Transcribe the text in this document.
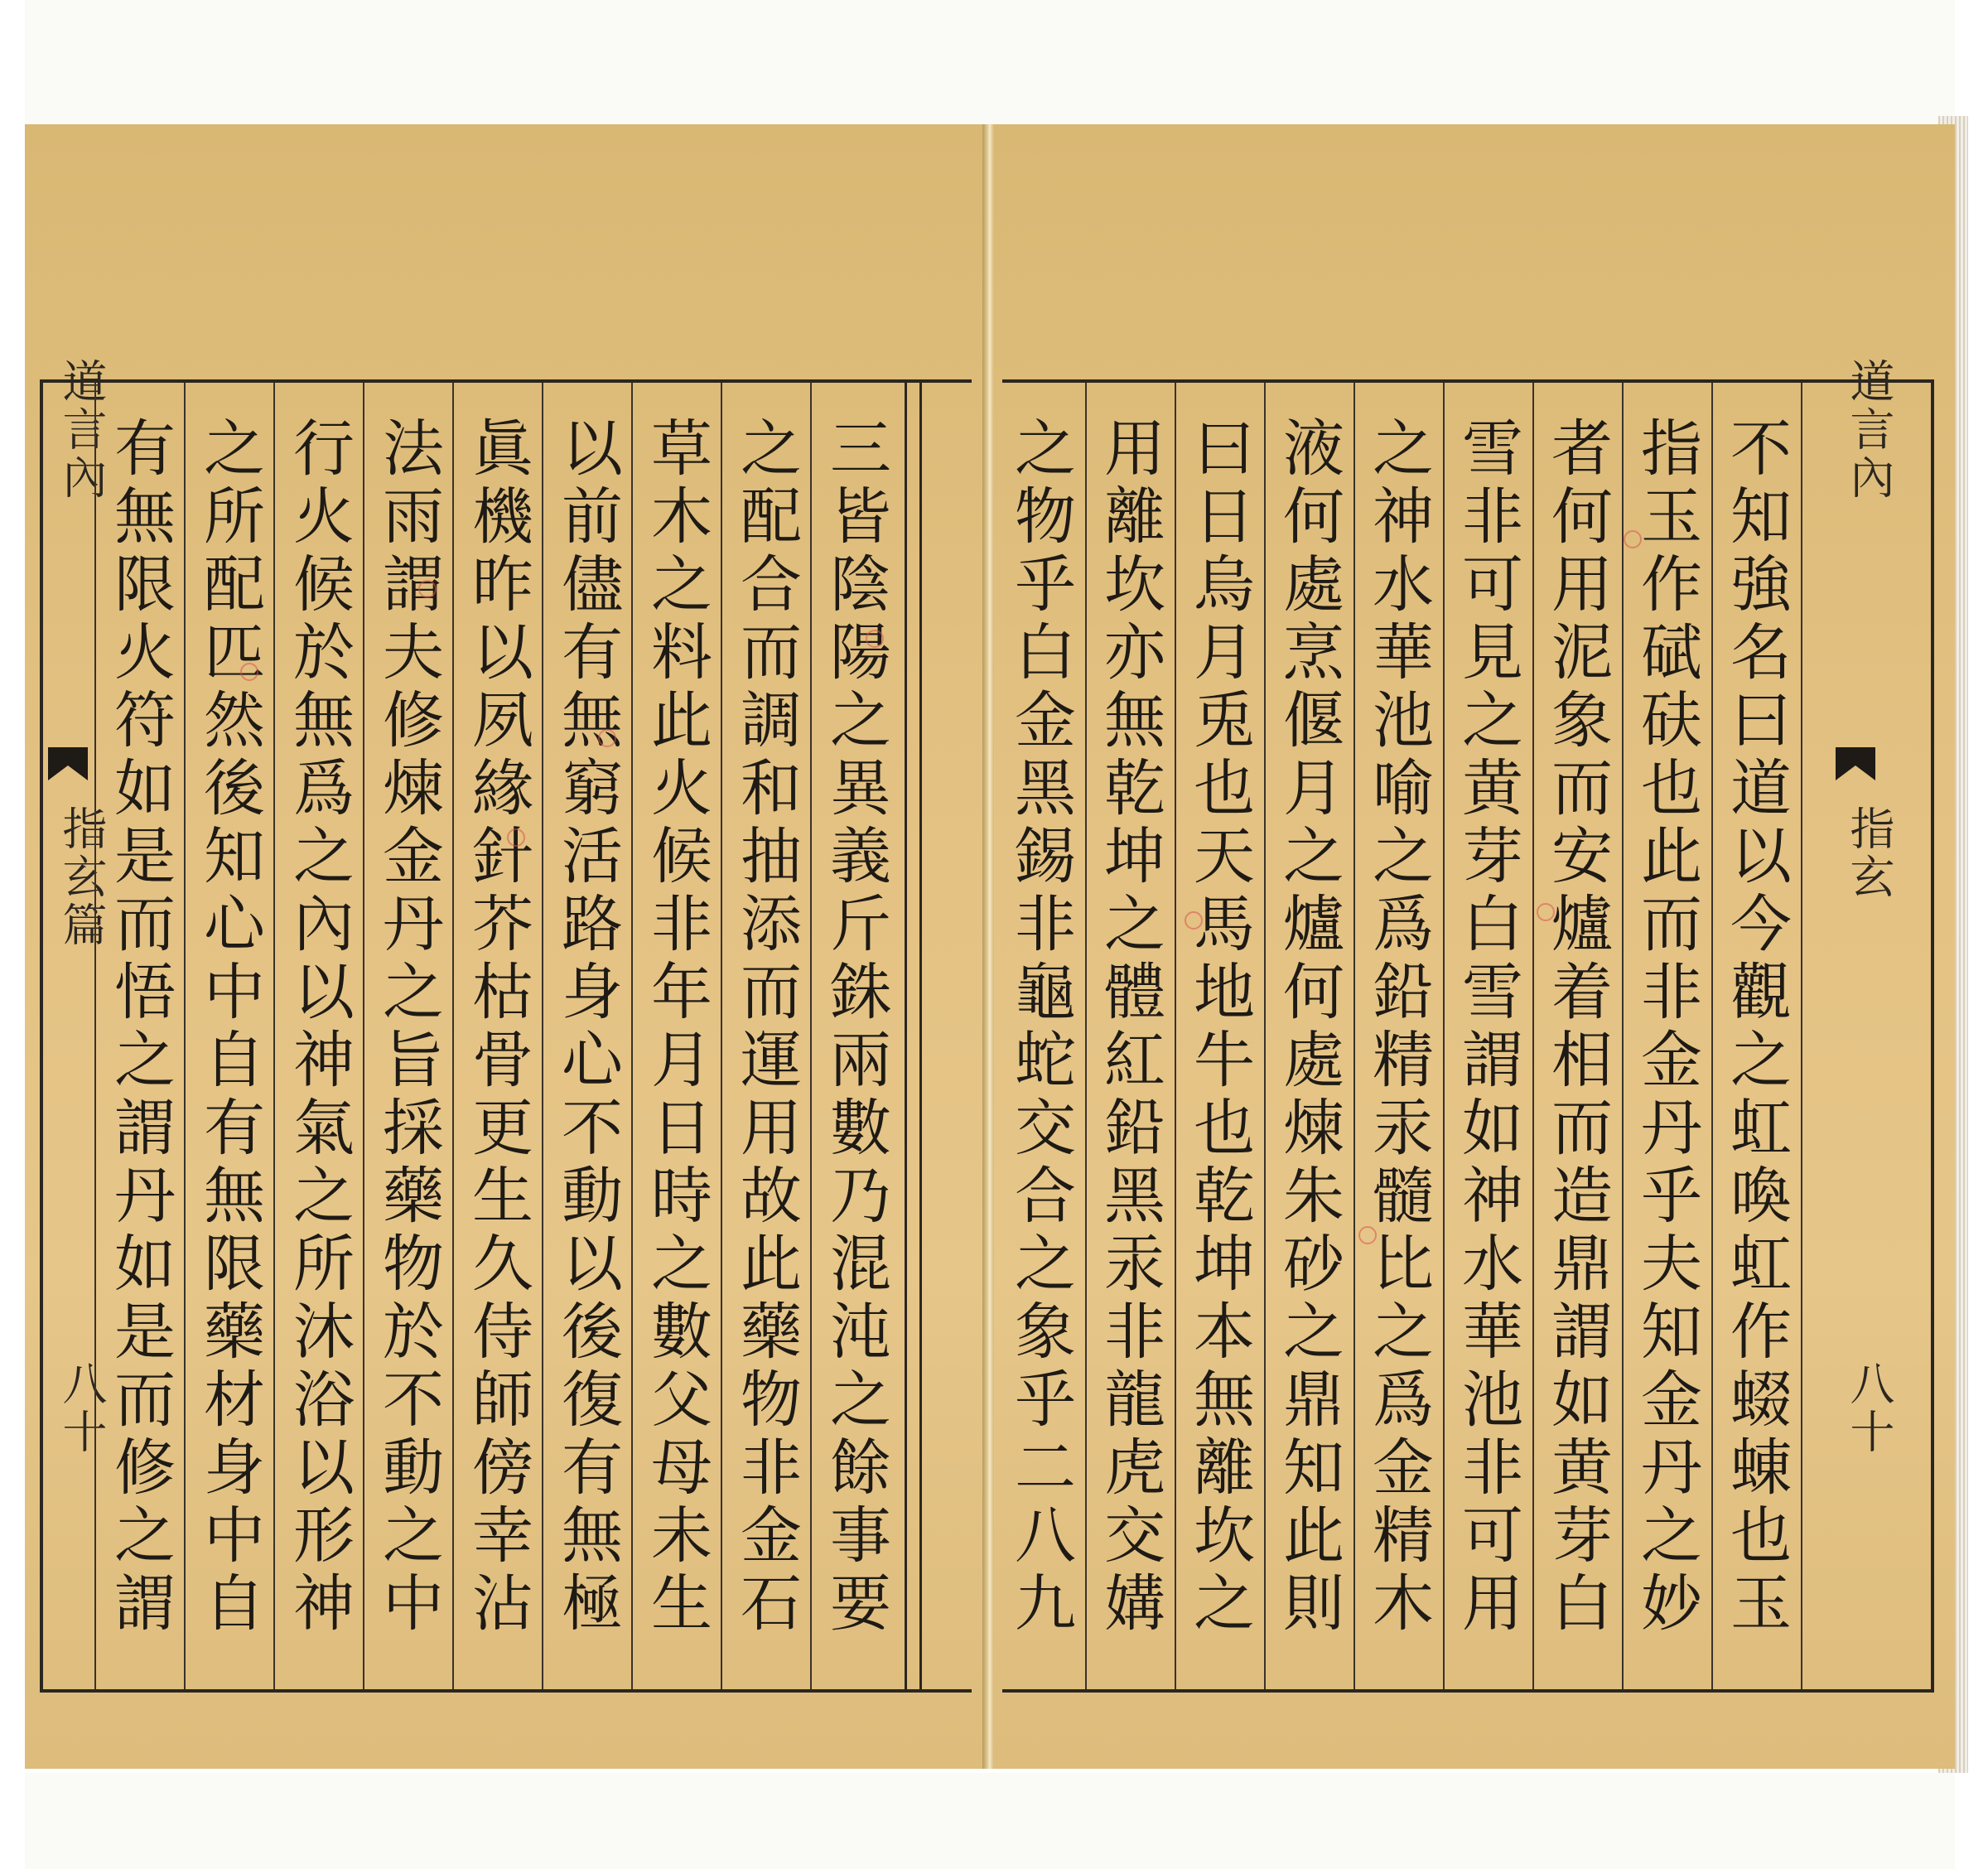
道言內
指玄篇
八十
有無限火符如是而悟之謂丹如是而修之謂 之所配匹然後知心中自有無限藥材身中自 行火候於無爲之內以神氣之所沐浴以形神 法雨謂夫修煉金丹之旨採藥物於不動之中 眞機昨以夙緣針芥枯骨更生久侍師傍幸沾 以前儘有無窮活路身心不動以後復有無極 草木之料此火候非年月日時之數父母未生 之配合而調和抽添而運用故此藥物非金石 三皆陰陽之異義斤銖兩數乃混沌之餘事要 之物乎白金黑錫非龜蛇交合之象乎二八九 用離坎亦無乾坤之體紅鉛黑汞非龍虎交媾 曰日烏月兎也天馬地牛也乾坤本無離坎之 液何處烹偃月之爐何處煉朱砂之鼎知此則 之神水華池喻之爲鉛精汞髓比之爲金精木 雪非可見之黄芽白雪謂如神水華池非可用 者何用泥象而安爐着相而造鼎謂如黄芽白 指玉作碔砆也此而非金丹乎夫知金丹之妙 不知強名曰道以今觀之虹喚虹作蝃蝀也玉 道言內
指玄
八十
